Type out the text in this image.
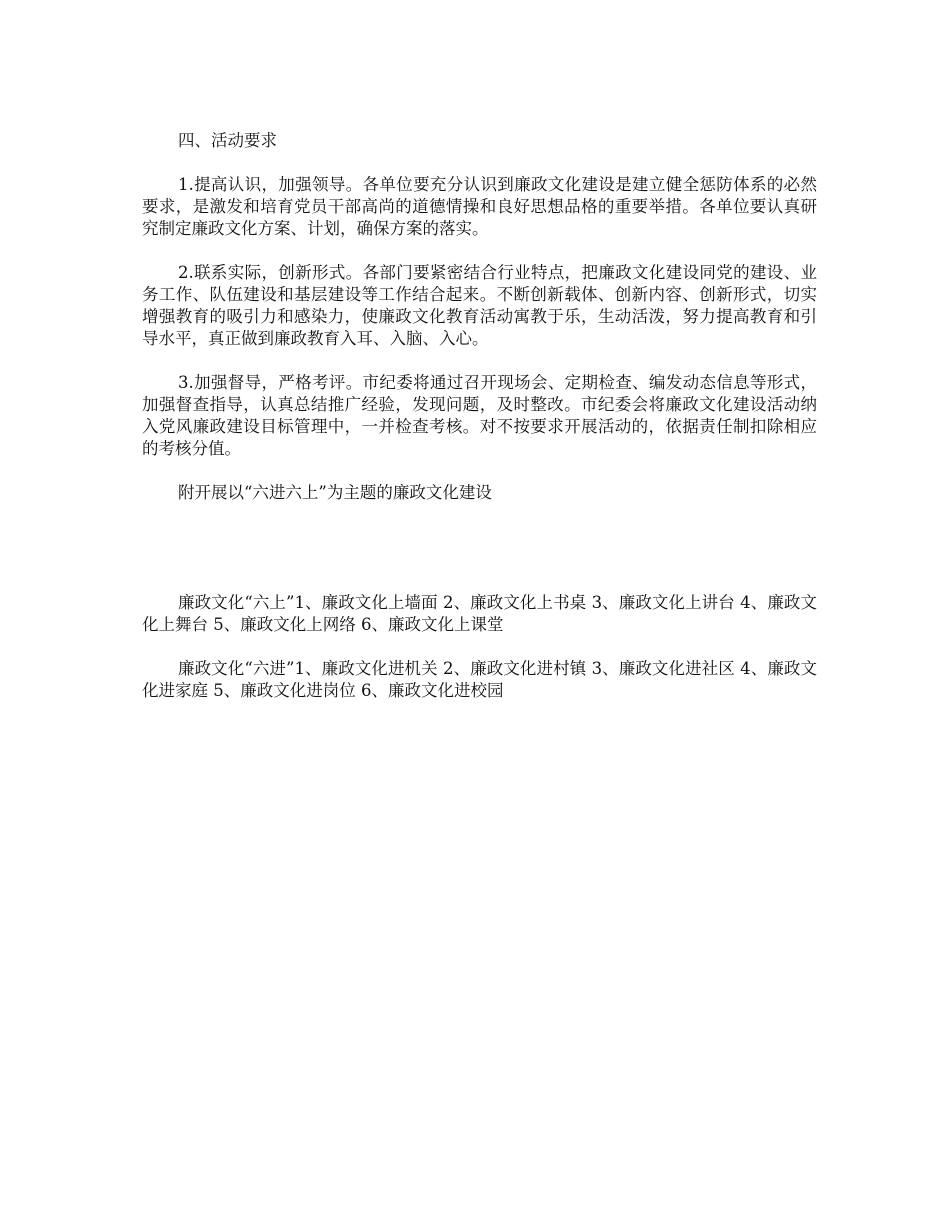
四、活动要求

1.提高认识，加强领导。各单位要充分认识到廉政文化建设是建立健全惩防体系的必然要求，是激发和培育党员干部高尚的道德情操和良好思想品格的重要举措。各单位要认真研究制定廉政文化方案、计划，确保方案的落实。

2.联系实际，创新形式。各部门要紧密结合行业特点，把廉政文化建设同党的建设、业务工作、队伍建设和基层建设等工作结合起来。不断创新载体、创新内容、创新形式，切实增强教育的吸引力和感染力，使廉政文化教育活动寓教于乐，生动活泼，努力提高教育和引导水平，真正做到廉政教育入耳、入脑、入心。

3.加强督导，严格考评。市纪委将通过召开现场会、定期检查、编发动态信息等形式，加强督查指导，认真总结推广经验，发现问题，及时整改。市纪委会将廉政文化建设活动纳入党风廉政建设目标管理中，一并检查考核。对不按要求开展活动的，依据责任制扣除相应的考核分值。

附开展以“六进六上”为主题的廉政文化建设

廉政文化“六上”1、廉政文化上墙面 2、廉政文化上书桌 3、廉政文化上讲台 4、廉政文化上舞台 5、廉政文化上网络 6、廉政文化上课堂

廉政文化“六进”1、廉政文化进机关 2、廉政文化进村镇 3、廉政文化进社区 4、廉政文化进家庭 5、廉政文化进岗位 6、廉政文化进校园
